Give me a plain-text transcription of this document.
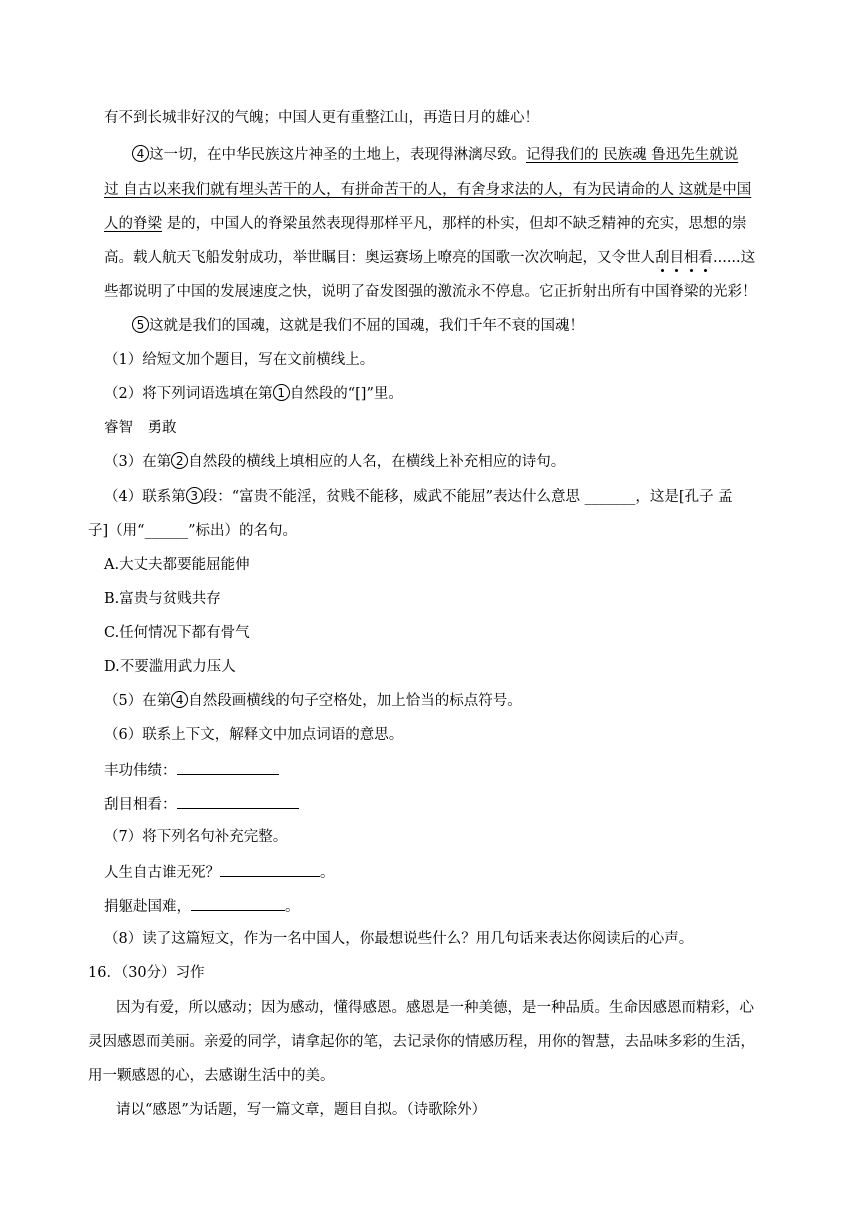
有不到长城非好汉的气魄；中国人更有重整江山，再造日月的雄心！
4 这一切，在中华民族这片神圣的土地上，表现得淋漓尽致。记得我们的 民族魂 鲁迅先生就说
过 自古以来我们就有埋头苦干的人，有拼命苦干的人，有舍身求法的人，有为民请命的人 这就是中国
人的脊梁 是的，中国人的脊梁虽然表现得那样平凡，那样的朴实，但却不缺乏精神的充实，思想的崇
高。载人航天飞船发射成功，举世瞩目：奥运赛场上嘹亮的国歌一次次响起，又令世人刮目相看......这
些都说明了中国的发展速度之快，说明了奋发图强的激流永不停息。它正折射出所有中国脊梁的光彩！
5 这就是我们的国魂，这就是我们不屈的国魂，我们千年不衰的国魂！
（1）给短文加个题目，写在文前横线上。
（2）将下列词语选填在第 1 自然段的“[]”里。
睿智　勇敢
（3）在第 2 自然段的横线上填相应的人名，在横线上补充相应的诗句。
（4）联系第 3 段：“富贵不能淫，贫贱不能移，威武不能屈”表达什么意思 _______，这是[孔子 孟
子]（用“______”标出）的名句。
A.大丈夫都要能屈能伸
B.富贵与贫贱共存
C.任何情况下都有骨气
D.不要滥用武力压人
（5）在第 4 自然段画横线的句子空格处，加上恰当的标点符号。
（6）联系上下文，解释文中加点词语的意思。
丰功伟绩：
刮目相看：
（7）将下列名句补充完整。
人生自古谁无死？	。
捐躯赴国难，	。
（8）读了这篇短文，作为一名中国人，你最想说些什么？用几句话来表达你阅读后的心声。
16．（30分）习作
因为有爱，所以感动；因为感动，懂得感恩。感恩是一种美德，是一种品质。生命因感恩而精彩，心
灵因感恩而美丽。亲爱的同学，请拿起你的笔，去记录你的情感历程，用你的智慧，去品味多彩的生活，
用一颗感恩的心，去感谢生活中的美。
请以“感恩”为话题，写一篇文章，题目自拟。（诗歌除外）
